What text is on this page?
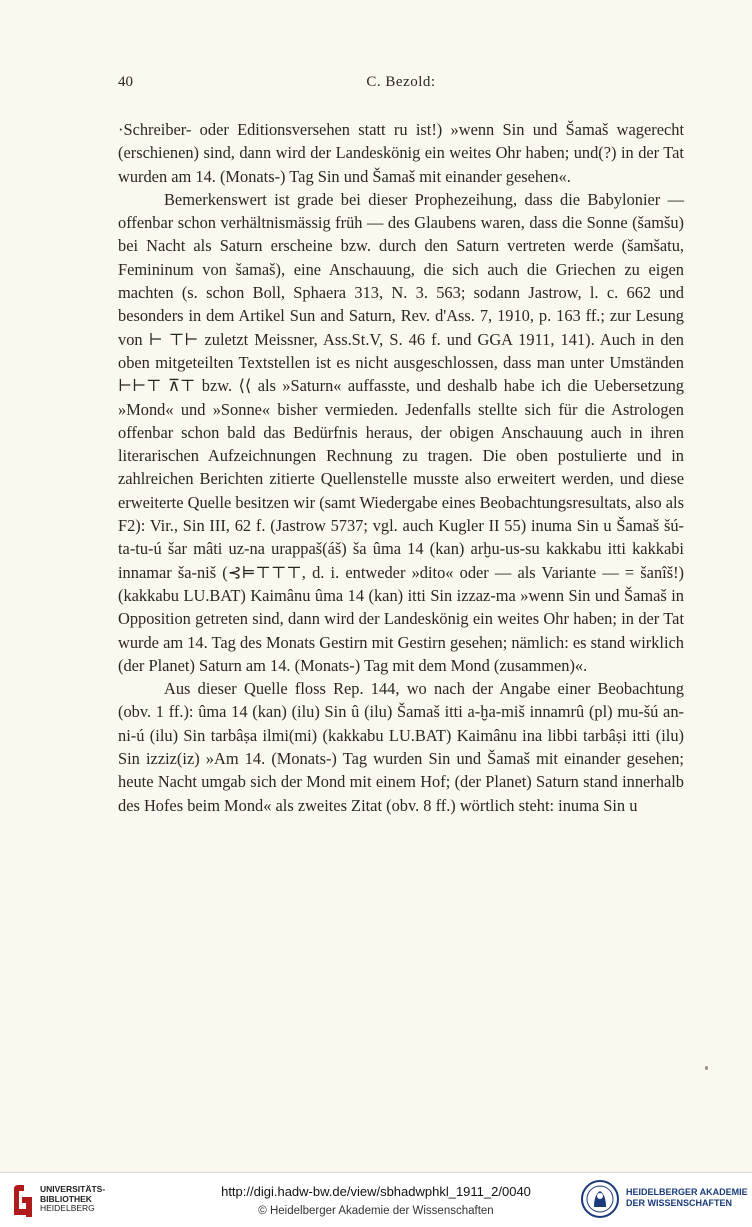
40	C. Bezold:

·Schreiber- oder Editionsversehen statt ru ist!) »wenn Sin und Šamaš wagerecht (erschienen) sind, dann wird der Landeskönig ein weites Ohr haben; und(?) in der Tat wurden am 14. (Monats-) Tag Sin und Šamaš mit einander gesehen«.

Bemerkenswert ist grade bei dieser Prophezeihung, dass die Babylonier — offenbar schon verhältnismässig früh — des Glaubens waren, dass die Sonne (šamšu) bei Nacht als Saturn erscheine bzw. durch den Saturn vertreten werde (šamšatu, Femininum von šamaš), eine Anschauung, die sich auch die Griechen zu eigen machten (s. schon Boll, Sphaera 313, N. 3. 563; sodann Jastrow, l. c. 662 und besonders in dem Artikel Sun and Saturn, Rev. d'Ass. 7, 1910, p. 163 ff.; zur Lesung von ⊢ ⊤⊢ zuletzt Meissner, Ass.St.V, S. 46 f. und GGA 1911, 141). Auch in den oben mitgeteilten Textstellen ist es nicht ausgeschlossen, dass man unter Umständen ⊢⊢⊤ ⊼⊤ bzw. ⟨⟨ als »Saturn« auffasste, und deshalb habe ich die Uebersetzung »Mond« und »Sonne« bisher vermieden. Jedenfalls stellte sich für die Astrologen offenbar schon bald das Bedürfnis heraus, der obigen Anschauung auch in ihren literarischen Aufzeichnungen Rechnung zu tragen. Die oben postulierte und in zahlreichen Berichten zitierte Quellenstelle musste also erweitert werden, und diese erweiterte Quelle besitzen wir (samt Wiedergabe eines Beobachtungsresultats, also als F2): Vir., Sin III, 62 f. (Jastrow 5737; vgl. auch Kugler II 55) inuma Sin u Šamaš šú-ta-tu-ú šar mâti uz-na urappaš(áš) ša ûma 14 (kan) arḫu-us-su kakkabu itti kakkabi innamar ša-niš (⊰⊨⊤⊤⊤, d. i. entweder »dito« oder — als Variante — = šanîš!) (kakkabu LU.BAT) Kaimânu ûma 14 (kan) itti Sin izzaz-ma »wenn Sin und Šamaš in Opposition getreten sind, dann wird der Landeskönig ein weites Ohr haben; in der Tat wurde am 14. Tag des Monats Gestirn mit Gestirn gesehen; nämlich: es stand wirklich (der Planet) Saturn am 14. (Monats-) Tag mit dem Mond (zusammen)«.

Aus dieser Quelle floss Rep. 144, wo nach der Angabe einer Beobachtung (obv. 1 ff.): ûma 14 (kan) (ilu) Sin û (ilu) Šamaš itti a-ḫa-miš innamrû (pl) mu-šú an-ni-ú (ilu) Sin tarbâṣa ilmi(mi) (kakkabu LU.BAT) Kaimânu ina libbi tarbâṣi itti (ilu) Sin izziz(iz) »Am 14. (Monats-) Tag wurden Sin und Šamaš mit einander gesehen; heute Nacht umgab sich der Mond mit einem Hof; (der Planet) Saturn stand innerhalb des Hofes beim Mond« als zweites Zitat (obv. 8 ff.) wörtlich steht: inuma Sin u

UNIVERSITÄTS-
BIBLIOTHEK
HEIDELBERG
http://digi.hadw-bw.de/view/sbhadwphkl_1911_2/0040
© Heidelberger Akademie der Wissenschaften
HEIDELBERGER AKADEMIE
DER WISSENSCHAFTEN
